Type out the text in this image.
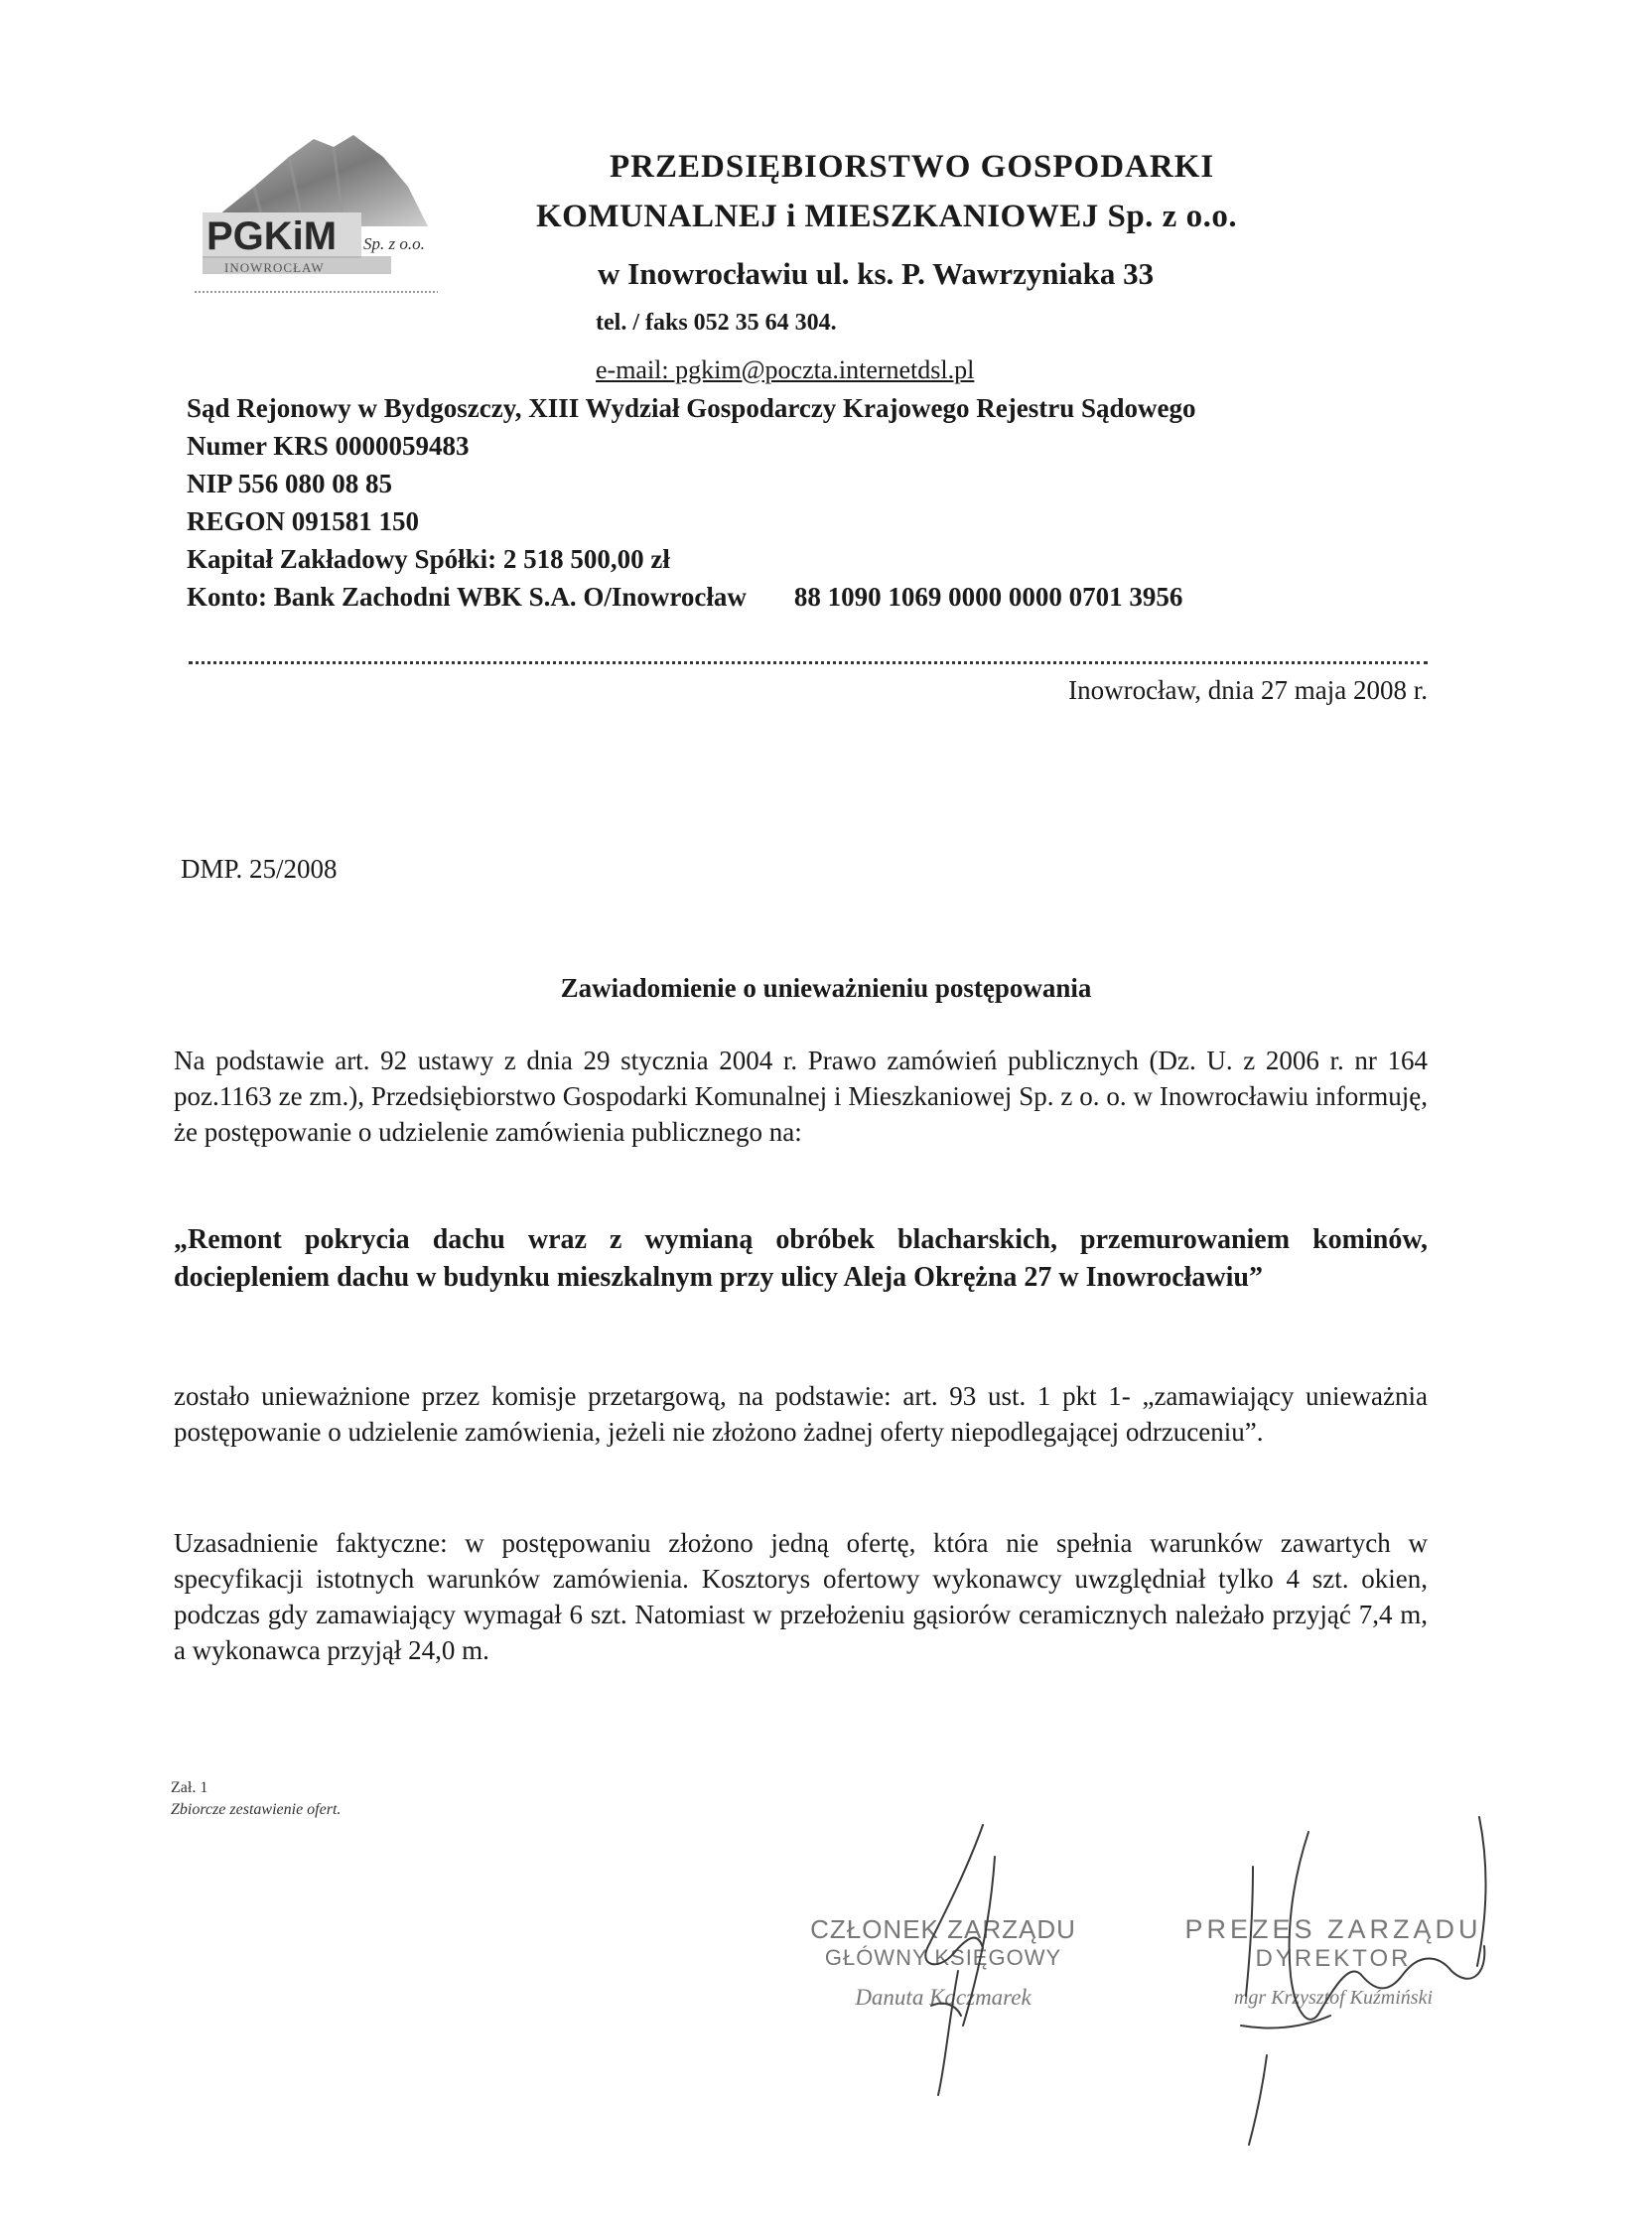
PGKiM Sp. z o.o.
INOWROCŁAW
PRZEDSIĘBIORSTWO GOSPODARKI
KOMUNALNEJ i MIESZKANIOWEJ Sp. z o.o.
w Inowrocławiu ul. ks. P. Wawrzyniaka 33
tel. / faks 052 35 64 304.
e-mail: pgkim@poczta.internetdsl.pl
Sąd Rejonowy w Bydgoszczy, XIII Wydział Gospodarczy Krajowego Rejestru Sądowego
Numer KRS 0000059483
NIP 556 080 08 85
REGON 091581 150
Kapitał Zakładowy Spółki: 2 518 500,00 zł
Konto: Bank Zachodni WBK S.A. O/Inowrocław 88 1090 1069 0000 0000 0701 3956
Inowrocław, dnia 27 maja 2008 r.
DMP. 25/2008
Zawiadomienie o unieważnieniu postępowania
Na podstawie art. 92 ustawy z dnia 29 stycznia 2004 r. Prawo zamówień publicznych (Dz. U. z 2006 r. nr 164 poz.1163 ze zm.), Przedsiębiorstwo Gospodarki Komunalnej i Mieszkaniowej Sp. z o. o. w Inowrocławiu informuję, że postępowanie o udzielenie zamówienia publicznego na:
„Remont pokrycia dachu wraz z wymianą obróbek blacharskich, przemurowaniem kominów, dociepleniem dachu w budynku mieszkalnym przy ulicy Aleja Okrężna 27 w Inowrocławiu”
zostało unieważnione przez komisje przetargową, na podstawie: art. 93 ust. 1 pkt 1- „zamawiający unieważnia postępowanie o udzielenie zamówienia, jeżeli nie złożono żadnej oferty niepodlegającej odrzuceniu”.
Uzasadnienie faktyczne: w postępowaniu złożono jedną ofertę, która nie spełnia warunków zawartych w specyfikacji istotnych warunków zamówienia. Kosztorys ofertowy wykonawcy uwzględniał tylko 4 szt. okien, podczas gdy zamawiający wymagał 6 szt. Natomiast w przełożeniu gąsiorów ceramicznych należało przyjąć 7,4 m, a wykonawca przyjął 24,0 m.
Zał. 1
Zbiorcze zestawienie ofert.
CZŁONEK ZARZĄDU
GŁÓWNY KSIĘGOWY
Danuta Kaczmarek
PREZES ZARZĄDU
DYREKTOR
mgr Krzysztof Kuźmiński
